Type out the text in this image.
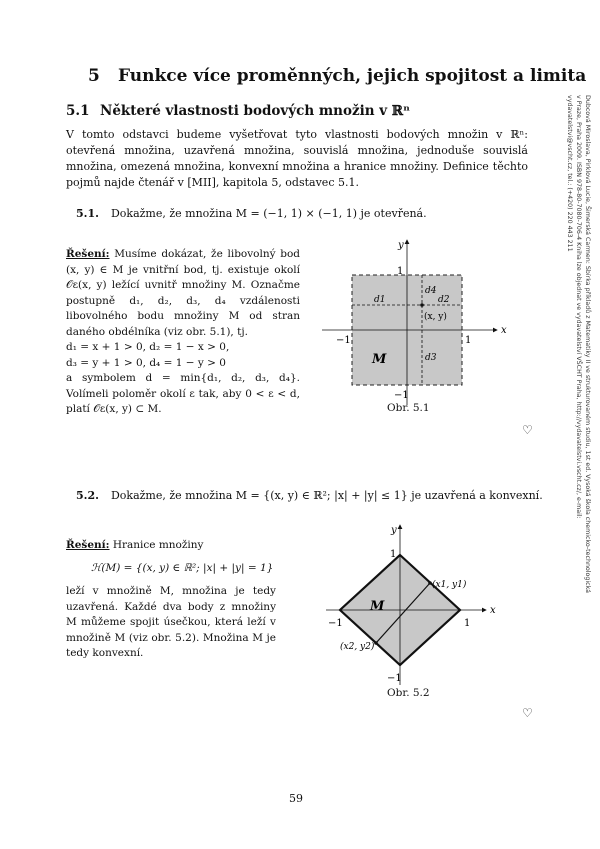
5 Funkce více proměnných, jejich spojitost a limita
5.1 Některé vlastnosti bodových množin v ℝⁿ
V tomto odstavci budeme vyšetřovat tyto vlastnosti bodových množin v ℝⁿ: otevřená množina, uzavřená množina, souvislá množina, jednoduše souvislá množina, omezená množina, konvexní množina a hranice množiny. Definice těchto pojmů najde čtenář v [MII], kapitola 5, odstavec 5.1.
5.1. Dokažme, že množina M = (−1, 1) × (−1, 1) je otevřená.
Řešení: Musíme dokázat, že libovolný bod (x, y) ∈ M je vnitřní bod, tj. existuje okolí 𝒪ε(x, y) ležící uvnitř množiny M. Označme postupně d₁, d₂, d₃, d₄ vzdálenosti libovolného bodu množiny M od stran daného obdélníka (viz obr. 5.1), tj.
d₁ = x + 1 > 0, d₂ = 1 − x > 0,
d₃ = y + 1 > 0, d₄ = 1 − y > 0
a symbolem d = min{d₁, d₂, d₃, d₄}. Volímeli poloměr okolí ε tak, aby 0 < ε < d, platí 𝒪ε(x, y) ⊂ M.
y
x
1
−1
1
−1
M
(x, y)
d1	d2
d3
d4
Obr. 5.1
♡
5.2. Dokažme, že množina M = {(x, y) ∈ ℝ²; |x| + |y| ≤ 1} je uzavřená a konvexní.
Řešení: Hranice množiny
ℋ(M) = {(x, y) ∈ ℝ²; |x| + |y| = 1}
leží v množině M, množina je tedy uzavřená. Každé dva body z množiny M můžeme spojit úsečkou, která leží v množině M (viz obr. 5.2). Množina M je tedy konvexní.
y
x
1
−1
1
−1
M
(x1, y1)
(x2, y2)
Obr. 5.2
♡
59
Dubcová Miroslava, Pirklová Lucie, Šimerská Carmen: Sbírka příkladů z Matematiky II ve strukturovaném studiu, 1st ed. Vysoká škola chemicko-technologická v Praze, Praha 2009. ISBN 978-80-7080-706-4 Kniha lze objednat ve vydavatelství VŠCHT Praha, http://vydavatelstvi.vscht.cz/, e-mail: vydavatelstvi@vscht.cz, tel.: (+420) 220 443 211
